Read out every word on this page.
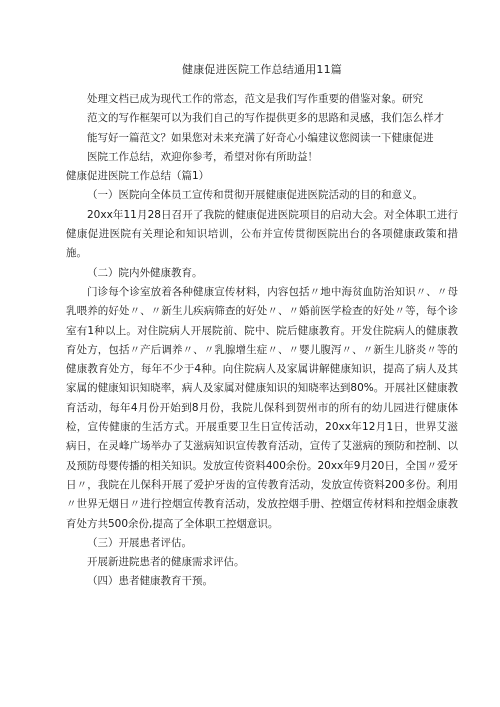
健康促进医院工作总结通用11篇

处理文档已成为现代工作的常态，范文是我们写作重要的借鉴对象。研究
范文的写作框架可以为我们自己的写作提供更多的思路和灵感，我们怎么样才
能写好一篇范文？如果您对未来充满了好奇心小编建议您阅读一下健康促进
医院工作总结，欢迎你参考，希望对你有所助益！

健康促进医院工作总结（篇1）

（一）医院向全体员工宣传和贯彻开展健康促进医院活动的目的和意义。

20xx年11月28日召开了我院的健康促进医院项目的启动大会。对全体职工进行健康促进医院有关理论和知识培训，公布并宣传贯彻医院出台的各项健康政策和措施。

（二）院内外健康教育。

门诊每个诊室放着各种健康宣传材料，内容包括〃地中海贫血防治知识〃、〃母乳喂养的好处〃、〃新生儿疾病筛查的好处〃、〃婚前医学检查的好处〃等，每个诊室有1种以上。对住院病人开展院前、院中、院后健康教育。开发住院病人的健康教育处方，包括〃产后调养〃、〃乳腺增生症〃、〃婴儿腹泻〃、〃新生儿脐炎〃等的健康教育处方，每年不少于4种。向住院病人及家属讲解健康知识，提高了病人及其家属的健康知识知晓率，病人及家属对健康知识的知晓率达到80%。开展社区健康教育活动，每年4月份开始到8月份，我院儿保科到贺州市的所有的幼儿园进行健康体检，宣传健康的生活方式。开展重要卫生日宣传活动，20xx年12月1日，世界艾滋病日，在灵峰广场举办了艾滋病知识宣传教育活动，宣传了艾滋病的预防和控制、以及预防母婴传播的相关知识。发放宣传资料400余份。20xx年9月20日，全国〃爱牙日〃，我院在儿保科开展了爱护牙齿的宣传教育活动，发放宣传资料200多份。利用〃世界无烟日〃进行控烟宣传教育活动，发放控烟手册、控烟宣传材料和控烟金康教育处方共500余份,提高了全体职工控烟意识。

（三）开展患者评估。

开展新进院患者的健康需求评估。

（四）患者健康教育干预。
